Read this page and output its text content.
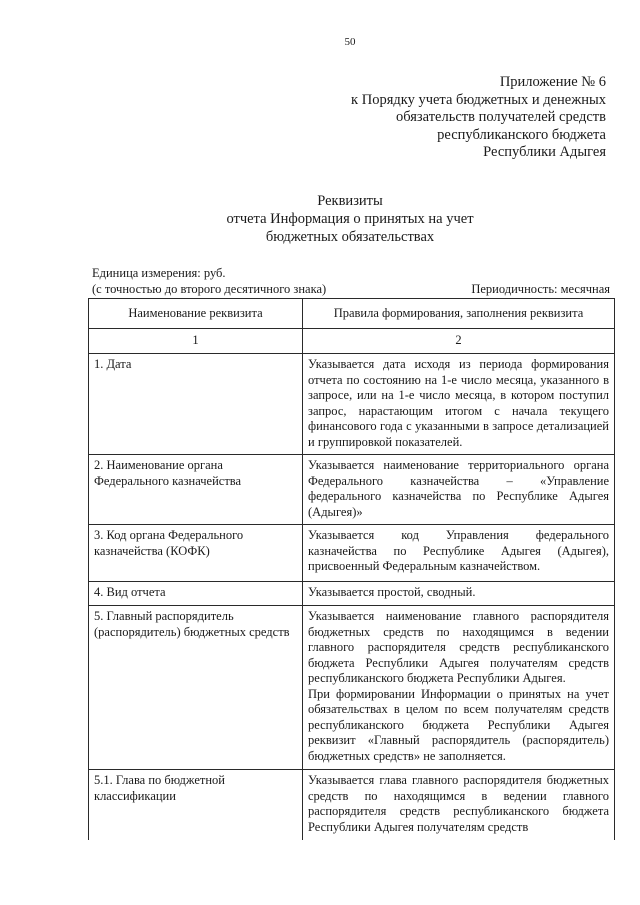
50
Приложение № 6
к Порядку учета бюджетных и денежных
обязательств получателей средств
республиканского бюджета
Республики Адыгея
Реквизиты
отчета Информация о принятых на учет
бюджетных обязательствах
Единица измерения: руб.
(с точностью до второго десятичного знака)	Периодичность: месячная
Наименование реквизита	Правила формирования, заполнения реквизита
1	2
1. Дата	Указывается дата исходя из периода формирования отчета по состоянию на 1-е число месяца, указанного в запросе, или на 1-е число месяца, в котором поступил запрос, нарастающим итогом с начала текущего финансового года с указанными в запросе детализацией и группировкой показателей.

2. Наименование органа Федерального казначейства	Указывается наименование территориального органа Федерального казначейства – «Управление федерального казначейства по Республике Адыгея (Адыгея)»

3. Код органа Федерального казначейства (КОФК)	Указывается код Управления федерального казначейства по Республике Адыгея (Адыгея), присвоенный Федеральным казначейством.

4. Вид отчета	Указывается простой, сводный.

5. Главный распорядитель (распорядитель) бюджетных средств	Указывается наименование главного распорядителя бюджетных средств по находящимся в ведении главного распорядителя средств республиканского бюджета Республики Адыгея получателям средств республиканского бюджета Республики Адыгея.

При формировании Информации о принятых на учет обязательствах в целом по всем получателям средств республиканского бюджета Республики Адыгея реквизит «Главный распорядитель (распорядитель) бюджетных средств» не заполняется.

5.1. Глава по бюджетной классификации	Указывается глава главного распорядителя бюджетных средств по находящимся в ведении главного распорядителя средств республиканского бюджета Республики Адыгея получателям средств
